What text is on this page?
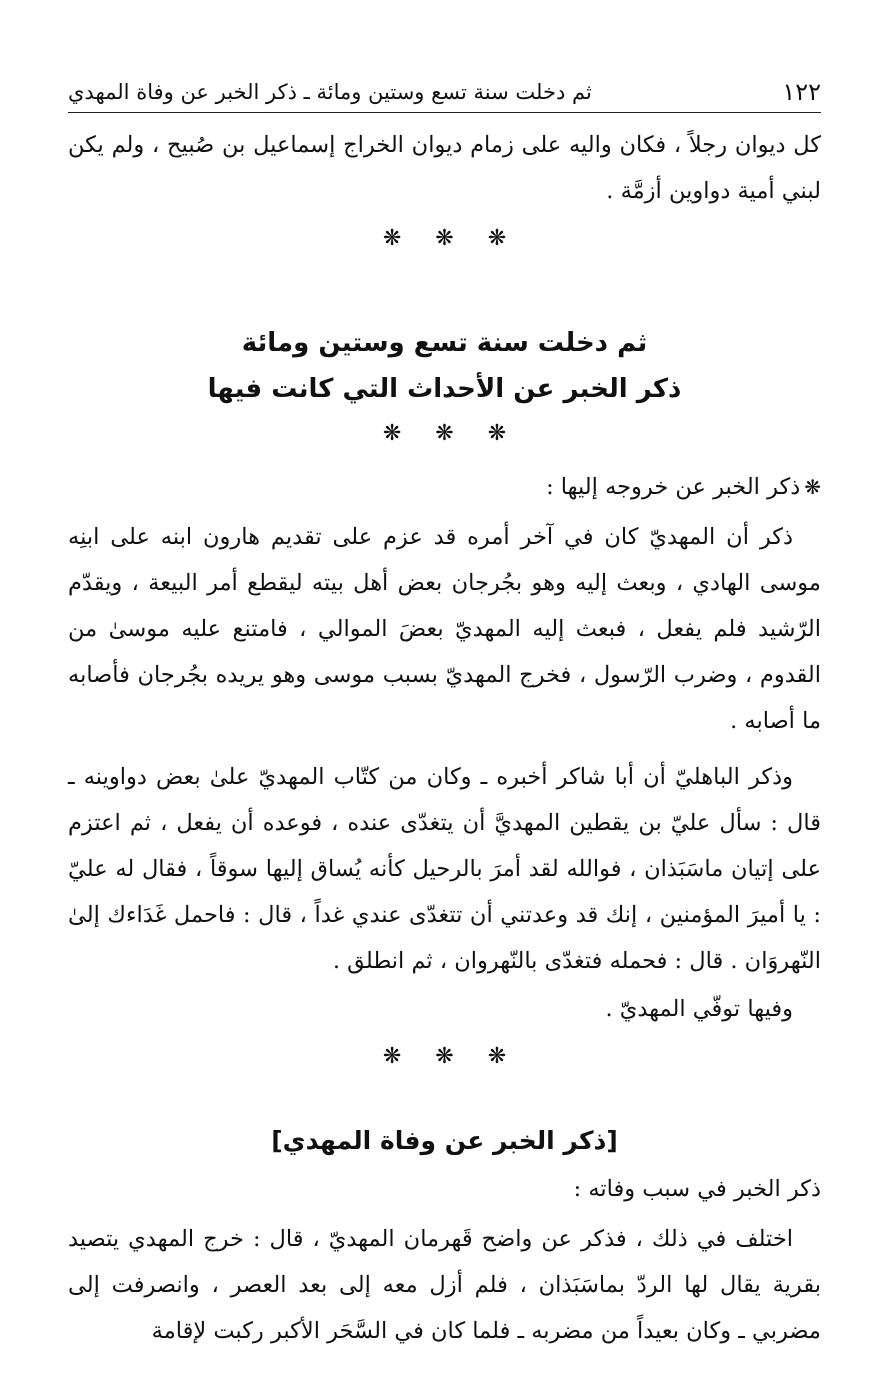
١٢٢
ثم دخلت سنة تسع وستين ومائة ـ ذكر الخبر عن وفاة المهدي

كل ديوان رجلاً ، فكان واليه على زمام ديوان الخراج إسماعيل بن صُبيح ، ولم يكن لبني أمية دواوين أزمَّة .

❋❋❋

ثم دخلت سنة تسع وستين ومائة

ذكر الخبر عن الأحداث التي كانت فيها

❋❋❋

❋ذكر الخبر عن خروجه إليها :

ذكر أن المهديّ كان في آخر أمره قد عزم على تقديم هارون ابنه على ابنِه موسى الهادي ، وبعث إليه وهو بجُرجان بعض أهل بيته ليقطع أمر البيعة ، ويقدّم الرّشيد فلم يفعل ، فبعث إليه المهديّ بعضَ الموالي ، فامتنع عليه موسىٰ من القدوم ، وضرب الرّسول ، فخرج المهديّ بسبب موسى وهو يريده بجُرجان فأصابه ما أصابه .

وذكر الباهليّ أن أبا شاكر أخبره ـ وكان من كتّاب المهديّ علىٰ بعض دواوينه ـ قال : سأل عليّ بن يقطين المهديَّ أن يتغدّى عنده ، فوعده أن يفعل ، ثم اعتزم على إتيان ماسَبَذان ، فوالله لقد أمرَ بالرحيل كأنه يُساق إليها سوقاً ، فقال له عليّ : يا أميرَ المؤمنين ، إنك قد وعدتني أن تتغدّى عندي غداً ، قال : فاحمل غَدَاءك إلىٰ النّهروَان . قال : فحمله فتغدّى بالنّهروان ، ثم انطلق .

وفيها توفّي المهديّ .

❋❋❋

[ذكر الخبر عن وفاة المهدي]

ذكر الخبر في سبب وفاته :

اختلف في ذلك ، فذكر عن واضح قَهرمان المهديّ ، قال : خرج المهدي يتصيد بقرية يقال لها الردّ بماسَبَذان ، فلم أزل معه إلى بعد العصر ، وانصرفت إلى مضربي ـ وكان بعيداً من مضربه ـ فلما كان في السَّحَر الأكبر ركبت لإقامة
